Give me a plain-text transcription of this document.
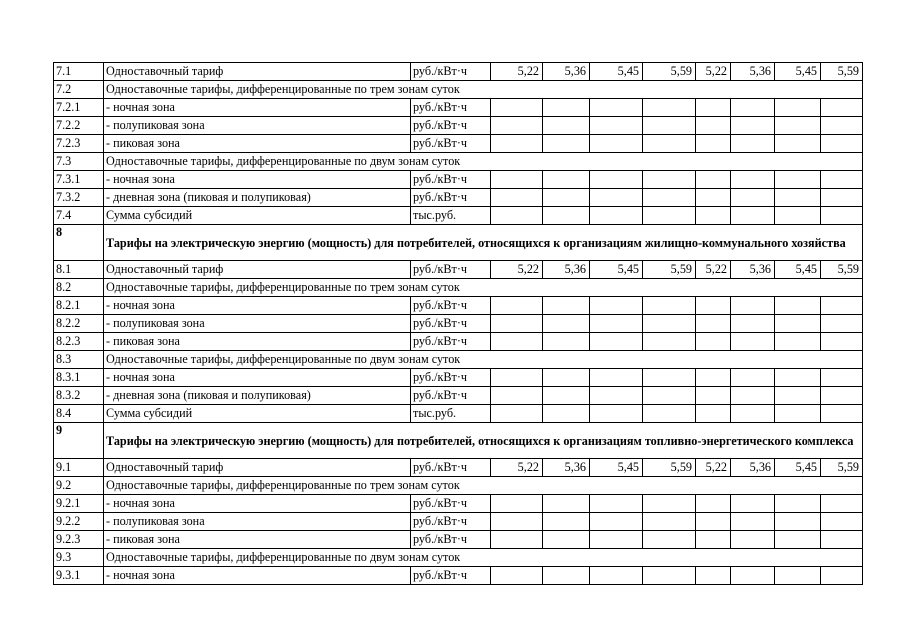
7.1	Одноставочный тариф	руб./кВт·ч	5,22	5,36	5,45	5,59	5,22	5,36	5,45	5,59
7.2	Одноставочные тарифы, дифференцированные по трем зонам суток									
7.2.1	- ночная зона	руб./кВт·ч								
7.2.2	- полупиковая зона	руб./кВт·ч								
7.2.3	- пиковая зона	руб./кВт·ч								
7.3	Одноставочные тарифы, дифференцированные по двум зонам суток									
7.3.1	- ночная зона	руб./кВт·ч								
7.3.2	- дневная зона (пиковая и полупиковая)	руб./кВт·ч								
7.4	Сумма субсидий	тыс.руб.								
8	Тарифы на электрическую энергию (мощность) для потребителей, относящихся к организациям жилищно-коммунального хозяйства									
8.1	Одноставочный тариф	руб./кВт·ч	5,22	5,36	5,45	5,59	5,22	5,36	5,45	5,59
8.2	Одноставочные тарифы, дифференцированные по трем зонам суток									
8.2.1	- ночная зона	руб./кВт·ч								
8.2.2	- полупиковая зона	руб./кВт·ч								
8.2.3	- пиковая зона	руб./кВт·ч								
8.3	Одноставочные тарифы, дифференцированные по двум зонам суток									
8.3.1	- ночная зона	руб./кВт·ч								
8.3.2	- дневная зона (пиковая и полупиковая)	руб./кВт·ч								
8.4	Сумма субсидий	тыс.руб.								
9	Тарифы на электрическую энергию (мощность) для потребителей, относящихся к организациям топливно-энергетического комплекса									
9.1	Одноставочный тариф	руб./кВт·ч	5,22	5,36	5,45	5,59	5,22	5,36	5,45	5,59
9.2	Одноставочные тарифы, дифференцированные по трем зонам суток									
9.2.1	- ночная зона	руб./кВт·ч								
9.2.2	- полупиковая зона	руб./кВт·ч								
9.2.3	- пиковая зона	руб./кВт·ч								
9.3	Одноставочные тарифы, дифференцированные по двум зонам суток									
9.3.1	- ночная зона	руб./кВт·ч								
